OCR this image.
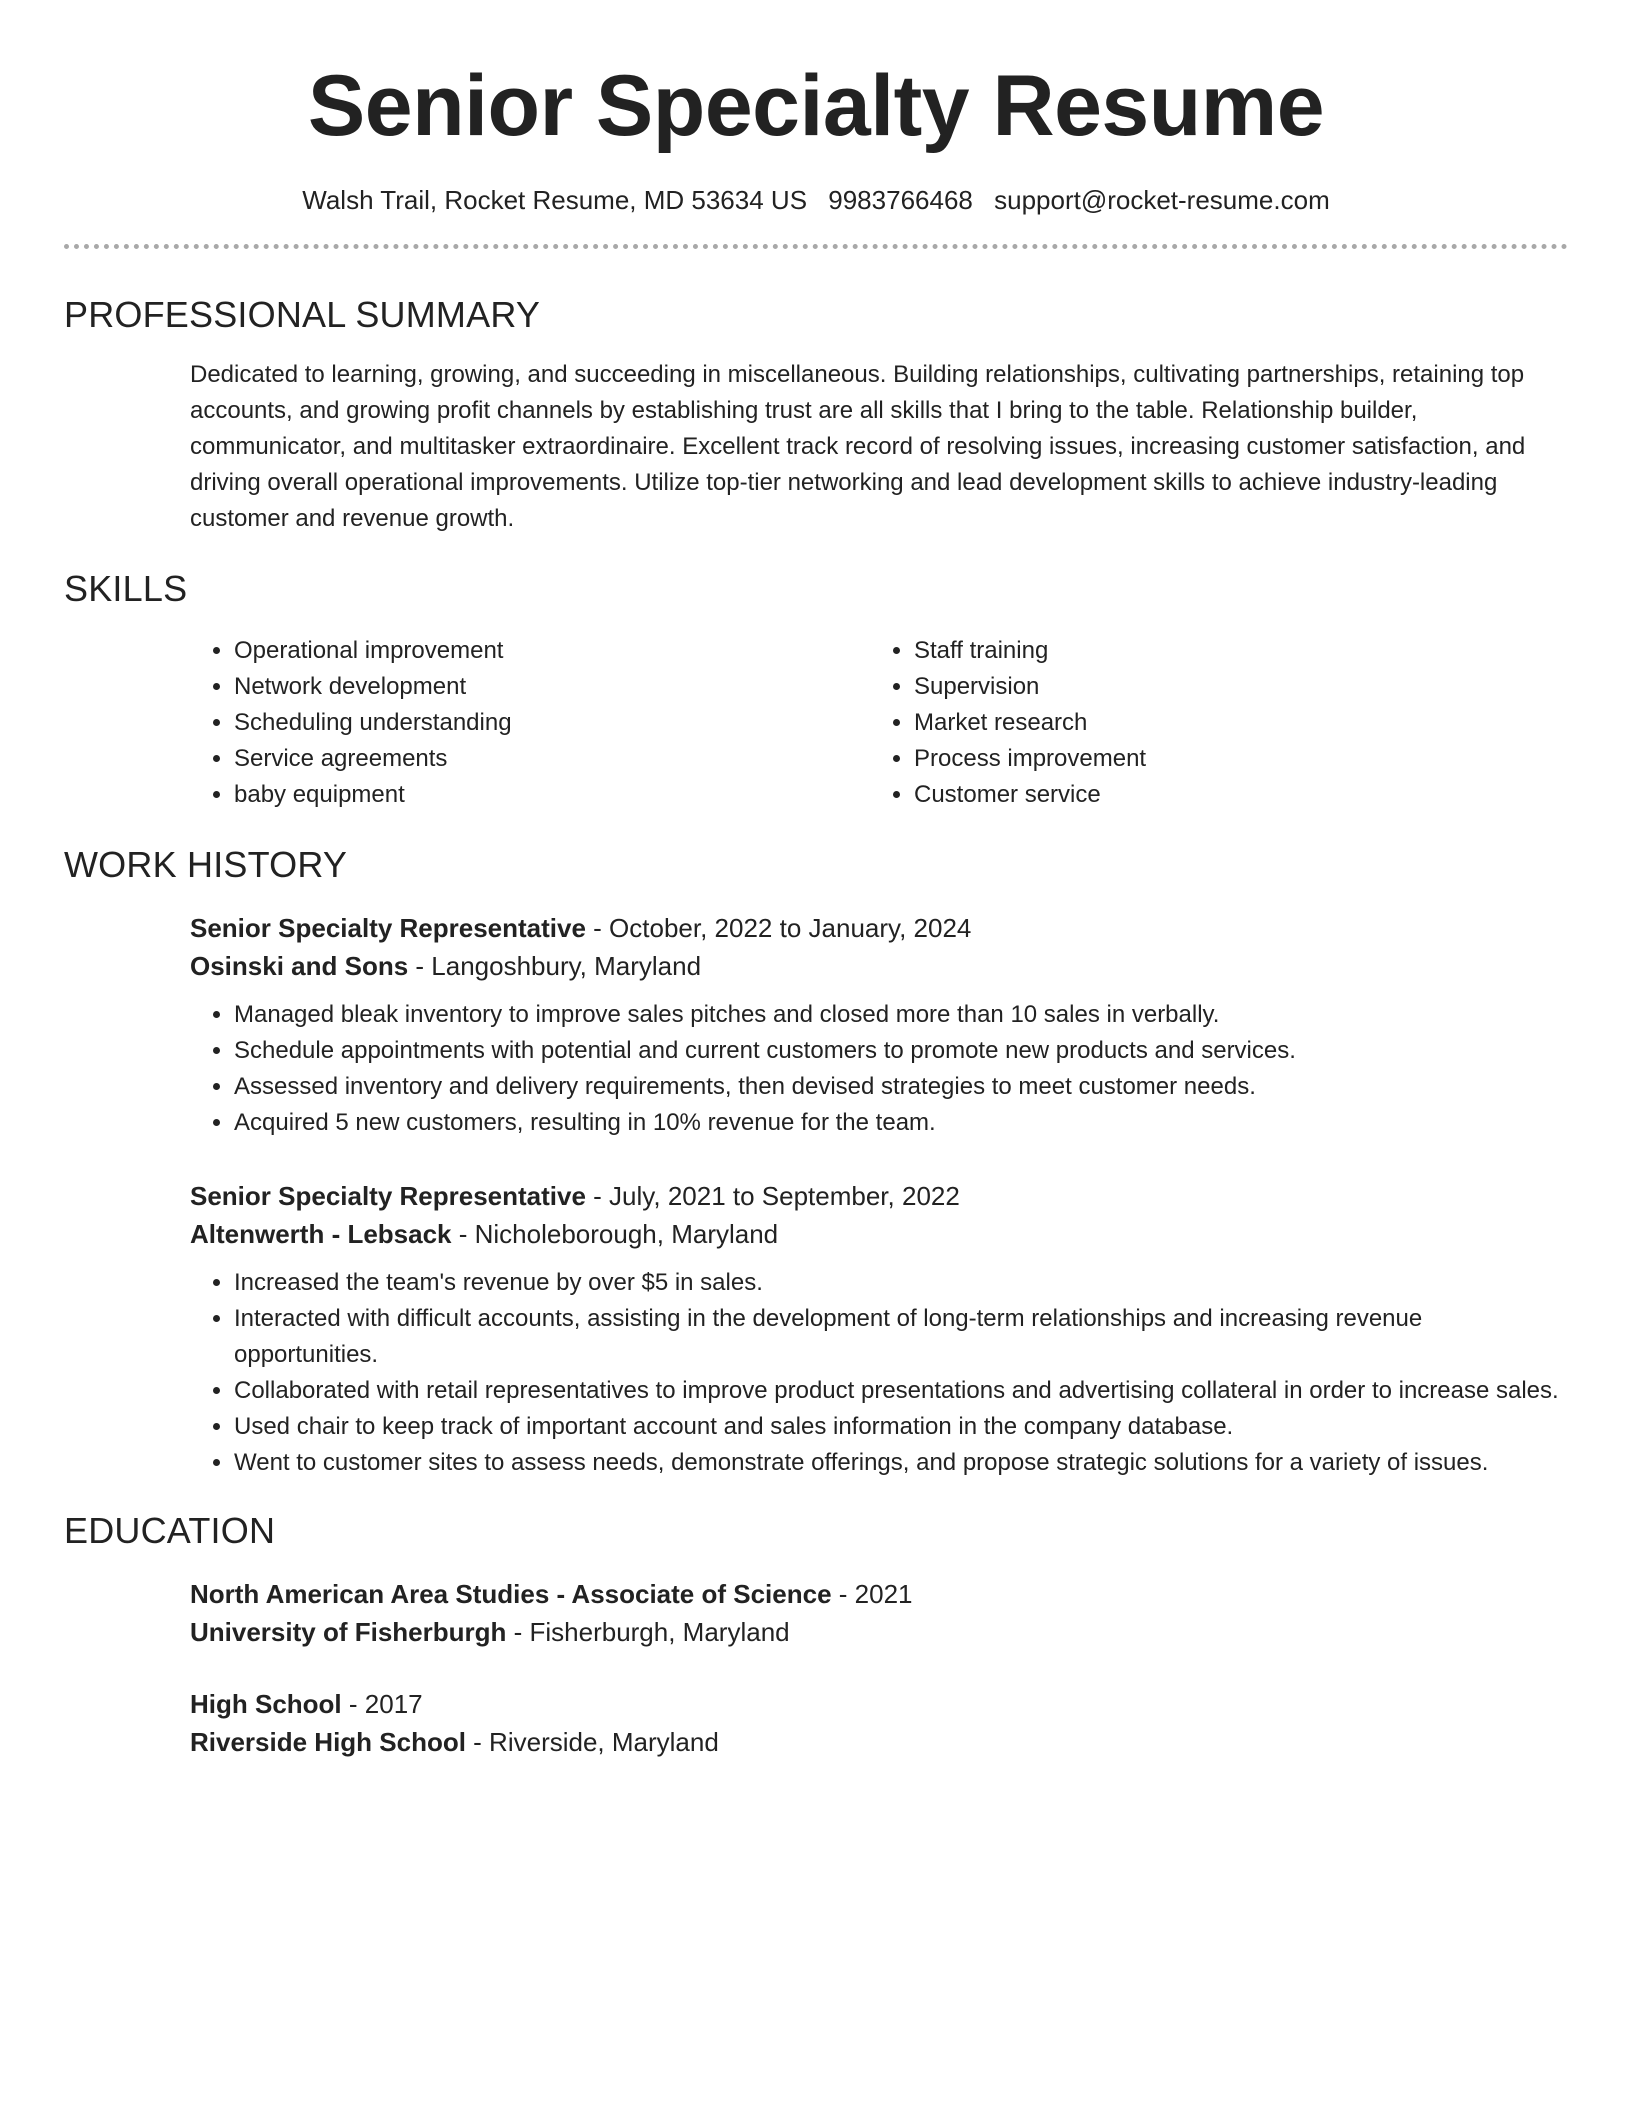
Senior Specialty Resume
Walsh Trail, Rocket Resume, MD 53634 US 9983766468 support@rocket-resume.com
PROFESSIONAL SUMMARY

Dedicated to learning, growing, and succeeding in miscellaneous. Building relationships, cultivating partnerships, retaining top accounts, and growing profit channels by establishing trust are all skills that I bring to the table. Relationship builder, communicator, and multitasker extraordinaire. Excellent track record of resolving issues, increasing customer satisfaction, and driving overall operational improvements. Utilize top-tier networking and lead development skills to achieve industry-leading customer and revenue growth.

SKILLS
• Operational improvement
• Network development
• Scheduling understanding
• Service agreements
• baby equipment
• Staff training
• Supervision
• Market research
• Process improvement
• Customer service
WORK HISTORY
Senior Specialty Representative - October, 2022 to January, 2024
Osinski and Sons - Langoshbury, Maryland
• Managed bleak inventory to improve sales pitches and closed more than 10 sales in verbally.
• Schedule appointments with potential and current customers to promote new products and services.
• Assessed inventory and delivery requirements, then devised strategies to meet customer needs.
• Acquired 5 new customers, resulting in 10% revenue for the team.
Senior Specialty Representative - July, 2021 to September, 2022
Altenwerth - Lebsack - Nicholeborough, Maryland
• Increased the team's revenue by over $5 in sales.
• Interacted with difficult accounts, assisting in the development of long-term relationships and increasing revenue opportunities.
• Collaborated with retail representatives to improve product presentations and advertising collateral in order to increase sales.
• Used chair to keep track of important account and sales information in the company database.
• Went to customer sites to assess needs, demonstrate offerings, and propose strategic solutions for a variety of issues.
EDUCATION
North American Area Studies - Associate of Science - 2021
University of Fisherburgh - Fisherburgh, Maryland
High School - 2017
Riverside High School - Riverside, Maryland
